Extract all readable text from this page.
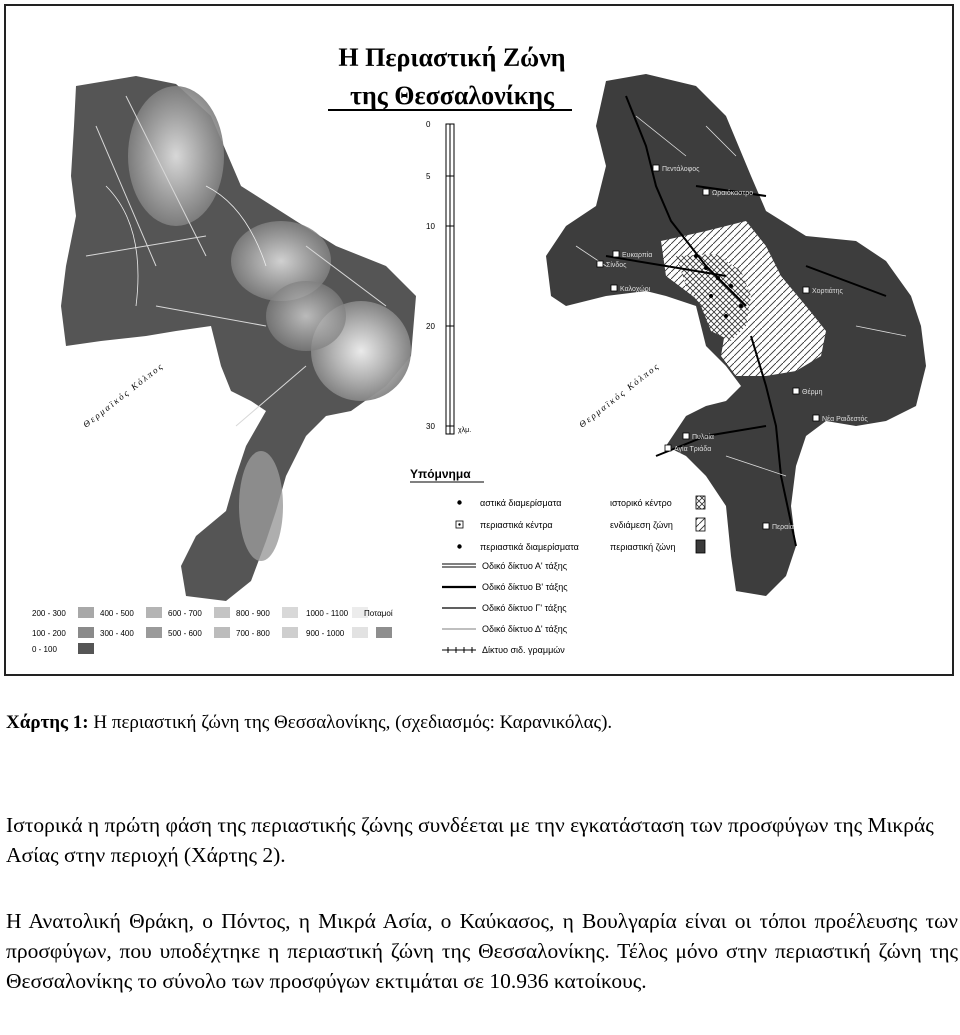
Θερμαϊκός Κόλπος
Η Περιαστική Ζώνη
της Θεσσαλονίκης
0
5
10
20
30	χλμ.
Πεντάλοφος
Ωραιόκαστρο
Χορτιάτης
Θέρμη
Πυλαία
Περαία
Νέα Ραιδεστός
Ευκαρπία
Σίνδος
Καλοχώρι
Αγία Τριάδα
Θερμαϊκός Κόλπος
Υπόμνημα
αστικά διαμερίσματα
περιαστικά κέντρα
περιαστικά διαμερίσματα
ιστορικό κέντρο
ενδιάμεση ζώνη
περιαστική ζώνη
Οδικό δίκτυο Α' τάξης
Οδικό δίκτυο Β' τάξης
Οδικό δίκτυο Γ' τάξης
Οδικό δίκτυο Δ' τάξης
Δίκτυο σιδ. γραμμών
200 - 300	400 - 500	600 - 700	800 - 900	1000 - 1100 Ποταμοί
100 - 200	300 - 400	500 - 600	700 - 800	900 - 1000
0 - 100
Χάρτης 1: Η περιαστική ζώνη της Θεσσαλονίκης, (σχεδιασμός: Καρανικόλας).
Ιστορικά η πρώτη φάση της περιαστικής ζώνης συνδέεται με την εγκατάσταση των προσφύγων της Μικράς Ασίας στην περιοχή (Χάρτης 2).
Η Ανατολική Θράκη, ο Πόντος, η Μικρά Ασία, ο Καύκασος, η Βουλγαρία είναι οι τόποι προέλευσης των προσφύγων, που υποδέχτηκε η περιαστική ζώνη της Θεσσαλονίκης. Τέλος μόνο στην περιαστική ζώνη της Θεσσαλονίκης το σύνολο των προσφύγων εκτιμάται σε 10.936 κατοίκους.
